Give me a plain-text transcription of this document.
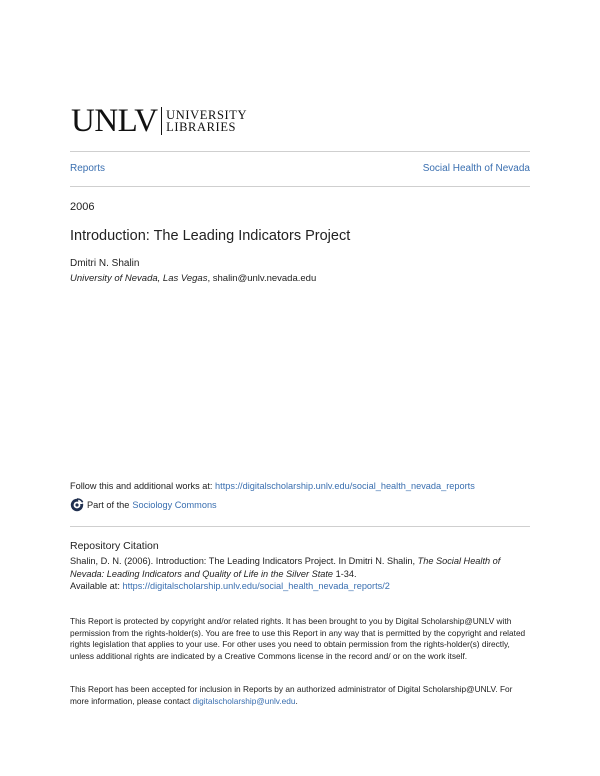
UNLV UNIVERSITY
LIBRARIES
Reports	Social Health of Nevada
2006
Introduction: The Leading Indicators Project
Dmitri N. Shalin
University of Nevada, Las Vegas, shalin@unlv.nevada.edu
Follow this and additional works at: https://digitalscholarship.unlv.edu/social_health_nevada_reports
Part of the Sociology Commons
Repository Citation
Shalin, D. N. (2006). Introduction: The Leading Indicators Project. In Dmitri N. Shalin, The Social Health of Nevada: Leading Indicators and Quality of Life in the Silver State 1-34.
Available at: https://digitalscholarship.unlv.edu/social_health_nevada_reports/2
This Report is protected by copyright and/or related rights. It has been brought to you by Digital Scholarship@UNLV with permission from the rights-holder(s). You are free to use this Report in any way that is permitted by the copyright and related rights legislation that applies to your use. For other uses you need to obtain permission from the rights-holder(s) directly, unless additional rights are indicated by a Creative Commons license in the record and/ or on the work itself.
This Report has been accepted for inclusion in Reports by an authorized administrator of Digital Scholarship@UNLV. For more information, please contact digitalscholarship@unlv.edu.
